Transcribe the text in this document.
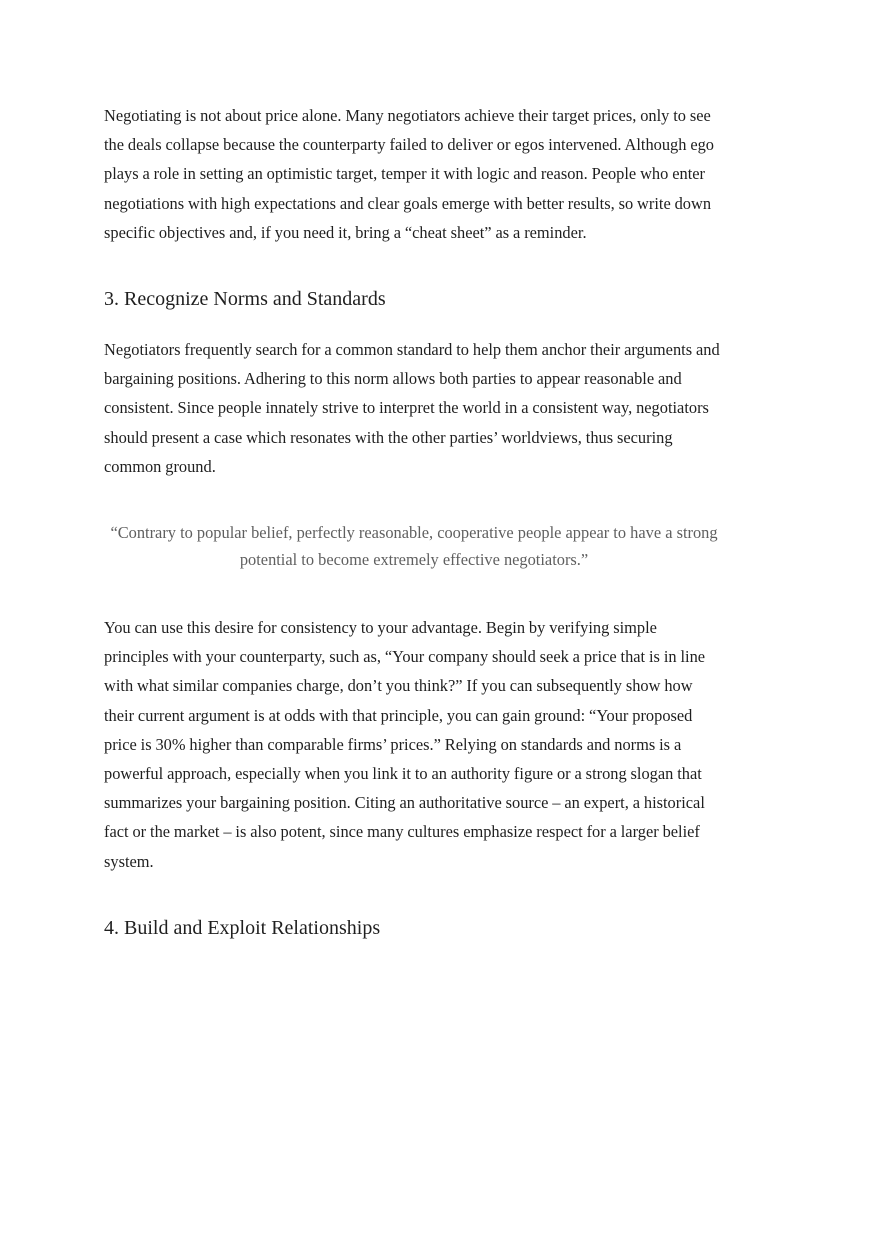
Negotiating is not about price alone. Many negotiators achieve their target prices, only to see the deals collapse because the counterparty failed to deliver or egos intervened. Although ego plays a role in setting an optimistic target, temper it with logic and reason. People who enter negotiations with high expectations and clear goals emerge with better results, so write down specific objectives and, if you need it, bring a “cheat sheet” as a reminder.

3. Recognize Norms and Standards

Negotiators frequently search for a common standard to help them anchor their arguments and bargaining positions. Adhering to this norm allows both parties to appear reasonable and consistent. Since people innately strive to interpret the world in a consistent way, negotiators should present a case which resonates with the other parties’ worldviews, thus securing common ground.

“Contrary to popular belief, perfectly reasonable, cooperative people appear to have a strong potential to become extremely effective negotiators.”

You can use this desire for consistency to your advantage. Begin by verifying simple principles with your counterparty, such as, “Your company should seek a price that is in line with what similar companies charge, don’t you think?” If you can subsequently show how their current argument is at odds with that principle, you can gain ground: “Your proposed price is 30% higher than comparable firms’ prices.” Relying on standards and norms is a powerful approach, especially when you link it to an authority figure or a strong slogan that summarizes your bargaining position. Citing an authoritative source – an expert, a historical fact or the market – is also potent, since many cultures emphasize respect for a larger belief system.

4. Build and Exploit Relationships
